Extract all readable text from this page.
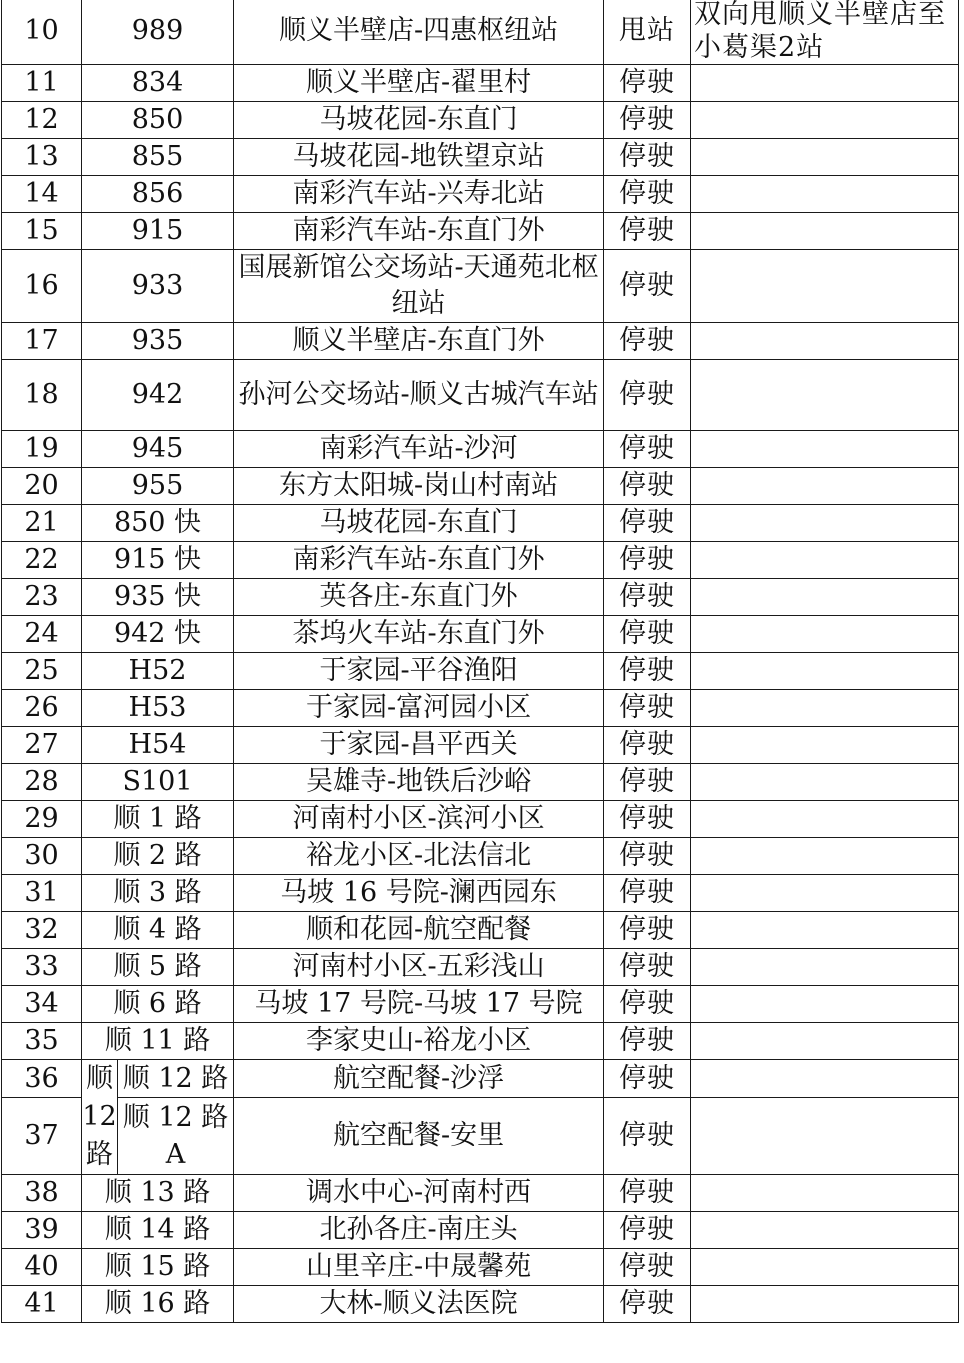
10	989		顺义半壁店-四惠枢纽站	甩站	双向甩顺义半壁店至小葛渠2站
11	834		顺义半壁店-翟里村	停驶	
12	850		马坡花园-东直门	停驶	
13	855		马坡花园-地铁望京站	停驶	
14	856		南彩汽车站-兴寿北站	停驶	
15	915		南彩汽车站-东直门外	停驶	
16	933		国展新馆公交场站-天通苑北枢纽站	停驶	
17	935		顺义半壁店-东直门外	停驶	
18	942		孙河公交场站-顺义古城汽车站	停驶	
19	945		南彩汽车站-沙河	停驶	
20	955		东方太阳城-岗山村南站	停驶	
21	850 快		马坡花园-东直门	停驶	
22	915 快		南彩汽车站-东直门外	停驶	
23	935 快		英各庄-东直门外	停驶	
24	942 快		茶坞火车站-东直门外	停驶	
25	H52		于家园-平谷渔阳	停驶	
26	H53		于家园-富河园小区	停驶	
27	H54		于家园-昌平西关	停驶	
28	S101		吴雄寺-地铁后沙峪	停驶	
29	顺 1 路		河南村小区-滨河小区	停驶	
30	顺 2 路		裕龙小区-北法信北	停驶	
31	顺 3 路		马坡 16 号院-澜西园东	停驶	
32	顺 4 路		顺和花园-航空配餐	停驶	
33	顺 5 路		河南村小区-五彩浅山	停驶	
34	顺 6 路		马坡 17 号院-马坡 17 号院	停驶	
35	顺 11 路		李家史山-裕龙小区	停驶	
36	顺12路	顺 12 路	航空配餐-沙浮	停驶	
37		顺 12 路 A	航空配餐-安里	停驶	
38	顺 13 路		调水中心-河南村西	停驶	
39	顺 14 路		北孙各庄-南庄头	停驶	
40	顺 15 路		山里辛庄-中晟馨苑	停驶	
41	顺 16 路		大林-顺义法医院	停驶	
